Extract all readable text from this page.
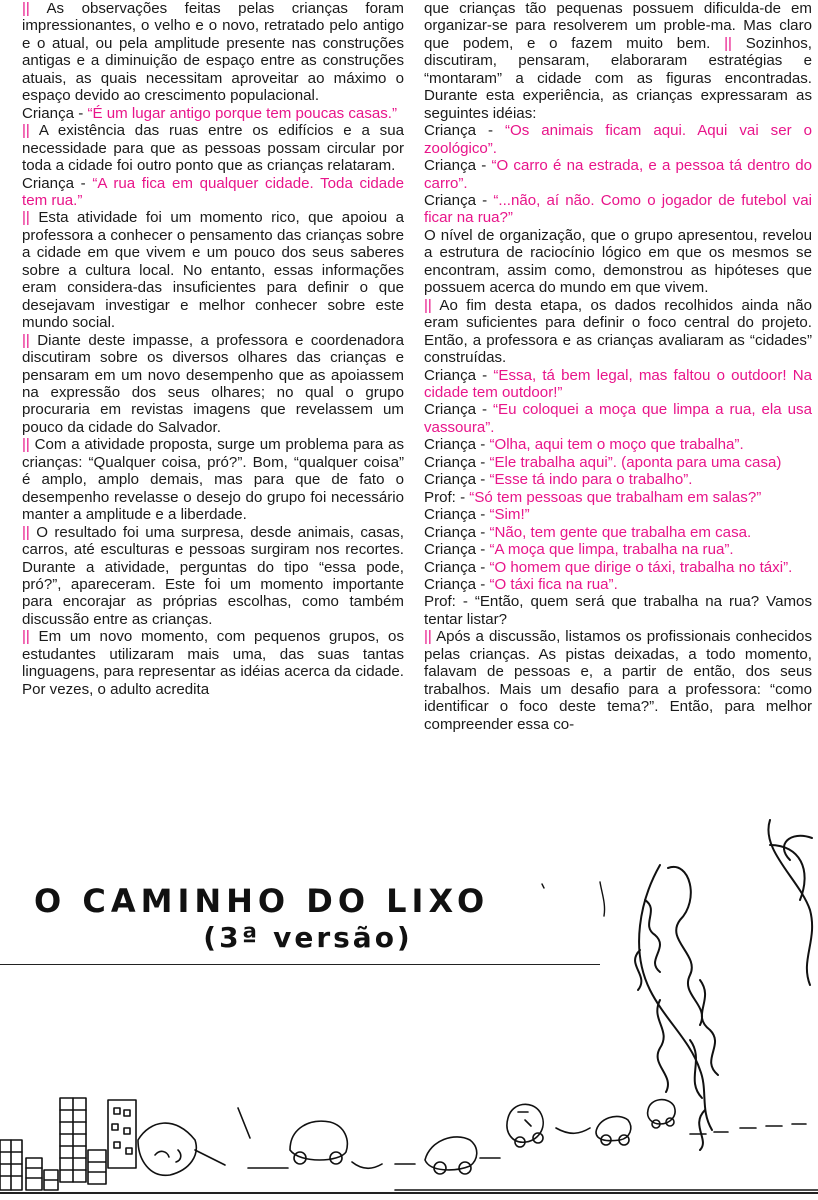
|| As observações feitas pelas crianças foram impressionantes, o velho e o novo, retratado pelo antigo e o atual, ou pela amplitude presente nas construções antigas e a diminuição de espaço entre as construções atuais, as quais necessitam aproveitar ao máximo o espaço devido ao crescimento populacional.

Criança - “É um lugar antigo porque tem poucas casas.”

|| A existência das ruas entre os edifícios e a sua necessidade para que as pessoas possam circular por toda a cidade foi outro ponto que as crianças relataram.

Criança - “A rua fica em qualquer cidade. Toda cidade tem rua.”

|| Esta atividade foi um momento rico, que apoiou a professora a conhecer o pensamento das crianças sobre a cidade em que vivem e um pouco dos seus saberes sobre a cultura local. No entanto, essas informações eram considera-das insuficientes para definir o que desejavam investigar e melhor conhecer sobre este mundo social.

|| Diante deste impasse, a professora e coordenadora discutiram sobre os diversos olhares das crianças e pensaram em um novo desempenho que as apoiassem na expressão dos seus olhares; no qual o grupo procuraria em revistas imagens que revelassem um pouco da cidade do Salvador.

|| Com a atividade proposta, surge um problema para as crianças: “Qualquer coisa, pró?”. Bom, “qualquer coisa” é amplo, amplo demais, mas para que de fato o desempenho revelasse o desejo do grupo foi necessário manter a amplitude e a liberdade.

|| O resultado foi uma surpresa, desde animais, casas, carros, até esculturas e pessoas surgiram nos recortes. Durante a atividade, perguntas do tipo “essa pode, pró?”, apareceram. Este foi um momento importante para encorajar as próprias escolhas, como também discussão entre as crianças.

|| Em um novo momento, com pequenos grupos, os estudantes utilizaram mais uma, das suas tantas linguagens, para representar as idéias acerca da cidade. Por vezes, o adulto acredita

que crianças tão pequenas possuem dificulda-de em organizar-se para resolverem um proble-ma. Mas claro que podem, e o fazem muito bem. || Sozinhos, discutiram, pensaram, elaboraram estratégias e “montaram” a cidade com as figuras encontradas. Durante esta experiência, as crianças expressaram as seguintes idéias:

Criança - “Os animais ficam aqui. Aqui vai ser o zoológico”.

Criança - “O carro é na estrada, e a pessoa tá dentro do carro”.

Criança - “...não, aí não. Como o jogador de futebol vai ficar na rua?”

O nível de organização, que o grupo apresentou, revelou a estrutura de raciocínio lógico em que os mesmos se encontram, assim como, demonstrou as hipóteses que possuem acerca do mundo em que vivem.

|| Ao fim desta etapa, os dados recolhidos ainda não eram suficientes para definir o foco central do projeto. Então, a professora e as crianças avaliaram as “cidades” construídas.

Criança - “Essa, tá bem legal, mas faltou o outdoor! Na cidade tem outdoor!”

Criança - “Eu coloquei a moça que limpa a rua, ela usa vassoura”.

Criança - “Olha, aqui tem o moço que trabalha”.

Criança - “Ele trabalha aqui”. (aponta para uma casa)

Criança - “Esse tá indo para o trabalho”.

Prof: - “Só tem pessoas que trabalham em salas?”

Criança - “Sim!”

Criança - “Não, tem gente que trabalha em casa.

Criança - “A moça que limpa, trabalha na rua”.

Criança - “O homem que dirige o táxi, trabalha no táxi”.

Criança - “O táxi fica na rua”.

Prof: - “Então, quem será que trabalha na rua? Vamos tentar listar?

|| Após a discussão, listamos os profissionais conhecidos pelas crianças. As pistas deixadas, a todo momento, falavam de pessoas e, a partir de então, dos seus trabalhos. Mais um desafio para a professora: “como identificar o foco deste tema?”. Então, para melhor compreender essa co-

O CAMINHO DO LIXO
(3ª versão)
